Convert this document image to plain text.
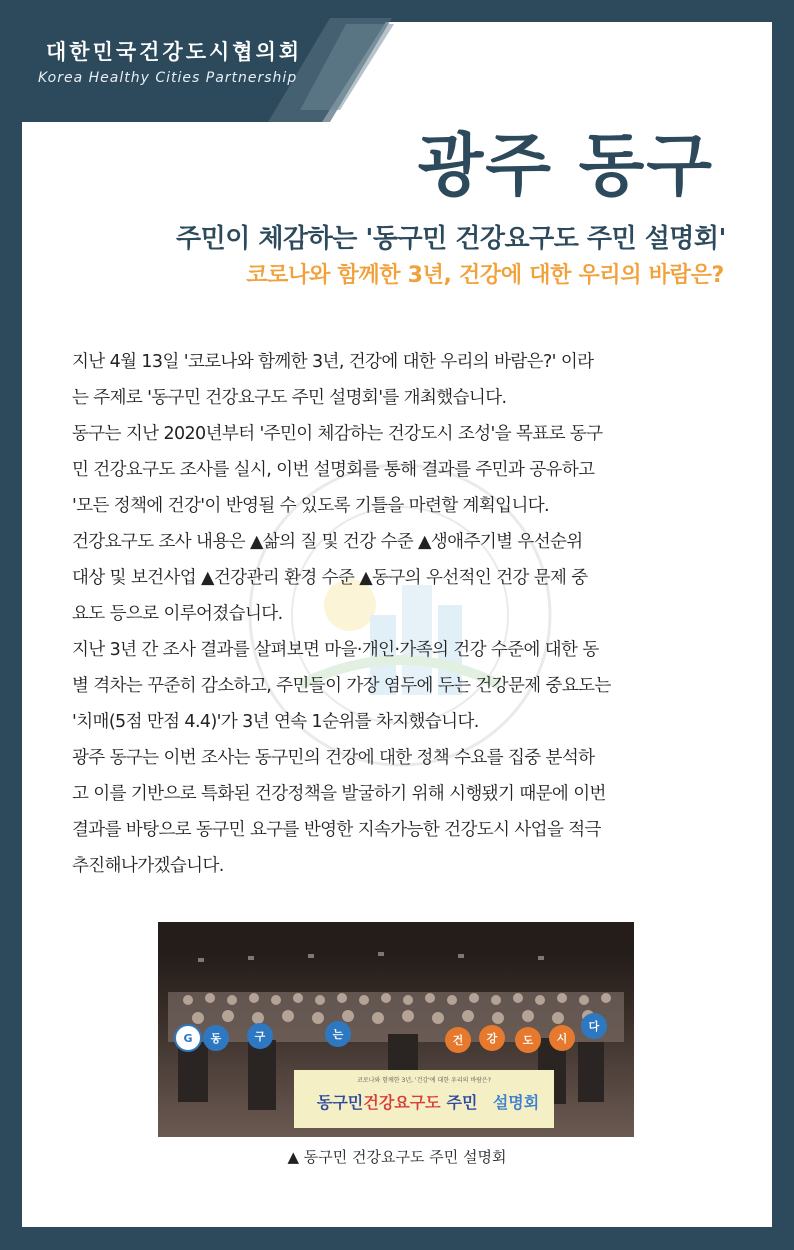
대한민국건강도시협의회
Korea Healthy Cities Partnership
광주 동구
주민이 체감하는 '동구민 건강요구도 주민 설명회'
코로나와 함께한 3년, 건강에 대한 우리의 바람은?

지난 4월 13일 '코로나와 함께한 3년, 건강에 대한 우리의 바람은?' 이라

는 주제로 '동구민 건강요구도 주민 설명회'를 개최했습니다.

동구는 지난 2020년부터 '주민이 체감하는 건강도시 조성'을 목표로 동구

민 건강요구도 조사를 실시, 이번 설명회를 통해 결과를 주민과 공유하고

'모든 정책에 건강'이 반영될 수 있도록 기틀을 마련할 계획입니다.

건강요구도 조사 내용은 ▲삶의 질 및 건강 수준 ▲생애주기별 우선순위

대상 및 보건사업 ▲건강관리 환경 수준 ▲동구의 우선적인 건강 문제 중

요도 등으로 이루어졌습니다.

지난 3년 간 조사 결과를 살펴보면 마을·개인·가족의 건강 수준에 대한 동

별 격차는 꾸준히 감소하고, 주민들이 가장 염두에 두는 건강문제 중요도는

'치매(5점 만점 4.4)'가 3년 연속 1순위를 차지했습니다.

광주 동구는 이번 조사는 동구민의 건강에 대한 정책 수요를 집중 분석하

고 이를 기반으로 특화된 건강정책을 발굴하기 위해 시행됐기 때문에 이번

결과를 바탕으로 동구민 요구를 반영한 지속가능한 건강도시 사업을 적극

추진해나가겠습니다.

코로나와 함께한 3년, '건강'에 대한 우리의 바람은?
동구민 건강요구도 주민 설명회
G 동	구	는	건 강 도 시
다
▲ 동구민 건강요구도 주민 설명회
